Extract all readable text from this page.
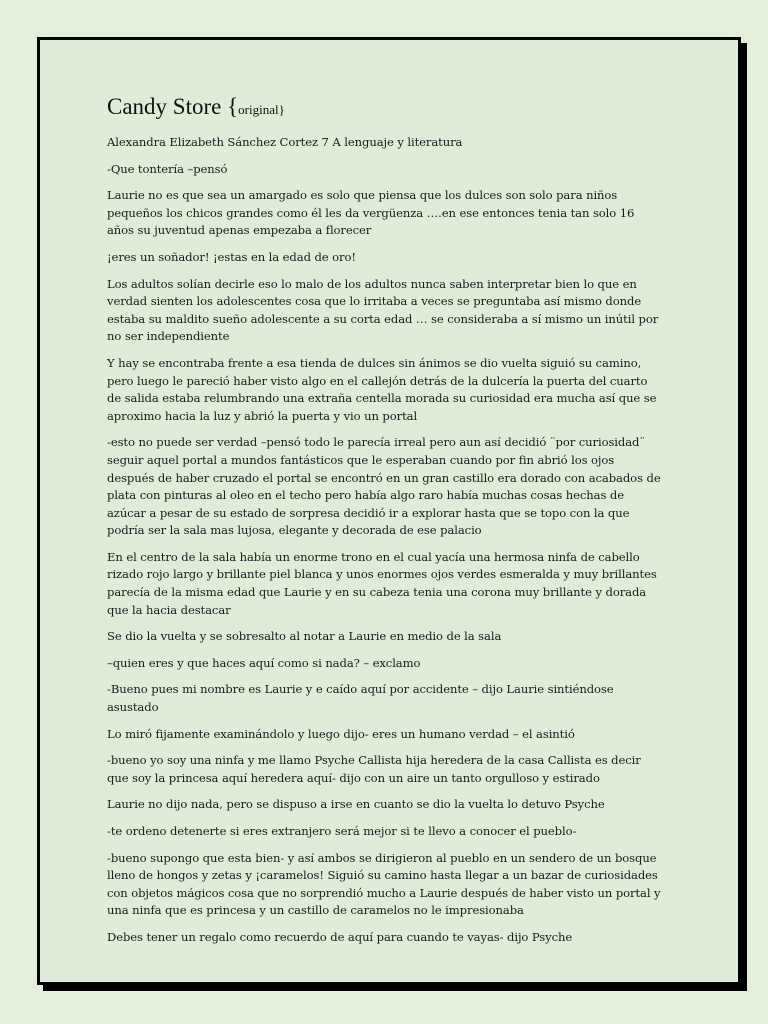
Candy Store {original}

Alexandra Elizabeth Sánchez Cortez 7 A lenguaje y literatura

-Que tontería –pensó

Laurie no es que sea un amargado es solo que piensa que los dulces son solo para niños pequeños los chicos grandes como él les da vergüenza ….en ese entonces tenia tan solo 16 años su juventud apenas empezaba a florecer

¡eres un soñador! ¡estas en la edad de oro!

Los adultos solían decirle eso lo malo de los adultos nunca saben interpretar bien lo que en verdad sienten los adolescentes cosa que lo irritaba a veces se preguntaba así mismo donde estaba su maldito sueño adolescente a su corta edad … se consideraba a sí mismo un inútil por no ser independiente

Y hay se encontraba frente a esa tienda de dulces sin ánimos se dio vuelta siguió su camino, pero luego le pareció haber visto algo en el callejón detrás de la dulcería la puerta del cuarto de salida estaba relumbrando una extraña centella morada su curiosidad era mucha así que se aproximo hacia la luz y abrió la puerta y vio un portal

-esto no puede ser verdad –pensó todo le parecía irreal pero aun así decidió ¨por curiosidad¨ seguir aquel portal a mundos fantásticos que le esperaban cuando por fin abrió los ojos después de haber cruzado el portal se encontró en un gran castillo era dorado con acabados de plata con pinturas al oleo en el techo pero había algo raro había muchas cosas hechas de azúcar a pesar de su estado de sorpresa decidió ir a explorar hasta que se topo con la que podría ser la sala mas lujosa, elegante y decorada de ese palacio

En el centro de la sala había un enorme trono en el cual yacía una hermosa ninfa de cabello rizado rojo largo y brillante piel blanca y unos enormes ojos verdes esmeralda y muy brillantes parecía de la misma edad que Laurie y en su cabeza tenia una corona muy brillante y dorada que la hacia destacar

Se dio la vuelta y se sobresalto al notar a Laurie en medio de la sala

–quien eres y que haces aquí como si nada? – exclamo

-Bueno pues mi nombre es Laurie y e caído aquí por accidente – dijo Laurie sintiéndose asustado

Lo miró fijamente examinándolo y luego dijo- eres un humano verdad – el asintió

-bueno yo soy una ninfa y me llamo Psyche Callista hija heredera de la casa Callista es decir que soy la princesa aquí heredera aquí- dijo con un aire un tanto orgulloso y estirado

Laurie no dijo nada, pero se dispuso a irse en cuanto se dio la vuelta lo detuvo Psyche

-te ordeno detenerte si eres extranjero será mejor si te llevo a conocer el pueblo-

-bueno supongo que esta bien- y así ambos se dirigieron al pueblo en un sendero de un bosque lleno de hongos y zetas y ¡caramelos! Siguió su camino hasta llegar a un bazar de curiosidades con objetos mágicos cosa que no sorprendió mucho a Laurie después de haber visto un portal y una ninfa que es princesa y un castillo de caramelos no le impresionaba

Debes tener un regalo como recuerdo de aquí para cuando te vayas- dijo Psyche
